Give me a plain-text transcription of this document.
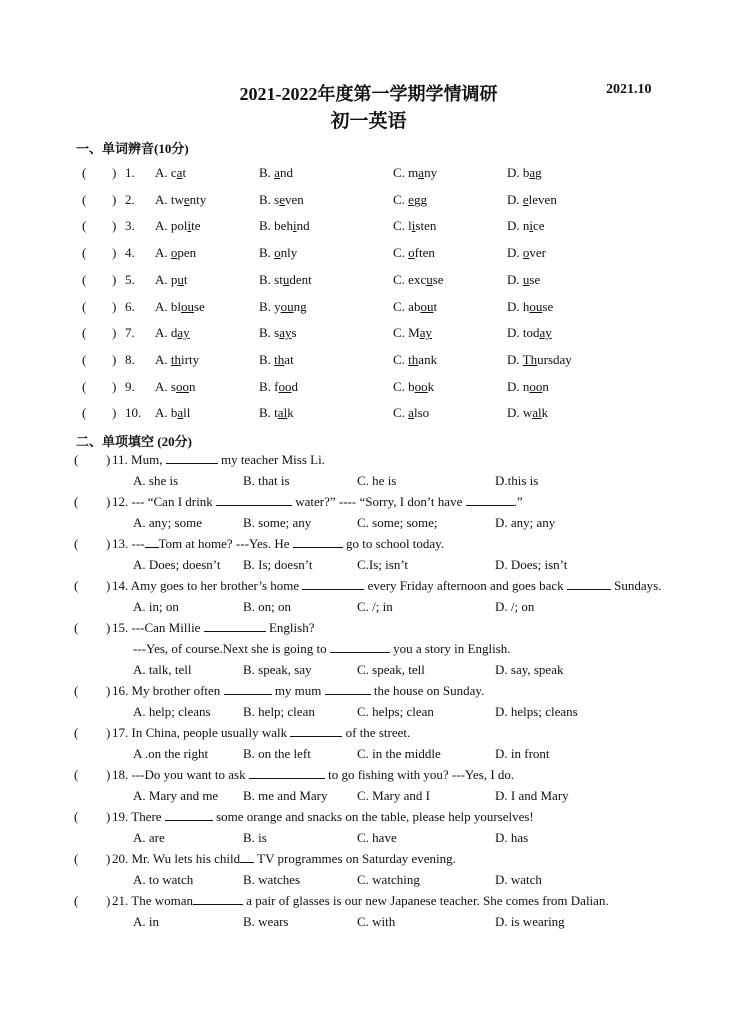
2021-2022年度第一学期学情调研	2021.10
初一英语
一、单词辨音(10分)
( ) 1. A. cat	B. and	C. many	D. bag
( ) 2. A. twenty	B. seven	C. egg	D. eleven
( ) 3. A. polite	B. behind	C. listen	D. nice
( ) 4. A. open	B. only	C. often	D. over
( ) 5. A. put	B. student	C. excuse	D. use
( ) 6. A. blouse	B. young	C. about	D. house
( ) 7. A. day	B. says	C. May	D. today
( ) 8. A. thirty	B. that	C. thank	D. Thursday
( ) 9. A. soon	B. food	C. book	D. noon
( ) 10. A. ball	B. talk	C. also	D. walk
二、单项填空 (20分)
11. Mum,	my teacher Miss Li.
( )
A. she is	B. that is	C. he is	D.this is
12. --- “Can I drink	water?” ---- “Sorry, I don’t have	.”
( )
A. any; some	B. some; any	C. some; some;	D. any; any
13. --- Tom at home? ---Yes. He	go to school today.
( )
A. Does; doesn’t B. Is; doesn’t	C.Is; isn’t	D. Does; isn’t
14. Amy goes to her brother’s home	every Friday afternoon and goes back	Sundays.
( )
A. in; on	B. on; on	C. /; in	D. /; on
15. ---Can Millie	English?
( )
---Yes, of course.Next she is going to	you a story in English.
A. talk, tell	B. speak, say	C. speak, tell	D. say, speak
16. My brother often	my mum	the house on Sunday.
( )
A. help; cleans B. help; clean	C. helps; clean	D. helps; cleans
17. In China, people usually walk	of the street.
( )
A .on the right	B. on the left	C. in the middle	D. in front
18. ---Do you want to ask	to go fishing with you? ---Yes, I do.
( )
A. Mary and me B. me and Mary C. Mary and I	D. I and Mary
19. There	some orange and snacks on the table, please help yourselves!
( )
A. are	B. is	C. have	D. has
20. Mr. Wu lets his child TV programmes on Saturday evening.
( )
A. to watch	B. watches	C. watching	D. watch
21. The woman	a pair of glasses is our new Japanese teacher. She comes from Dalian.
( )
A. in	B. wears	C. with	D. is wearing
